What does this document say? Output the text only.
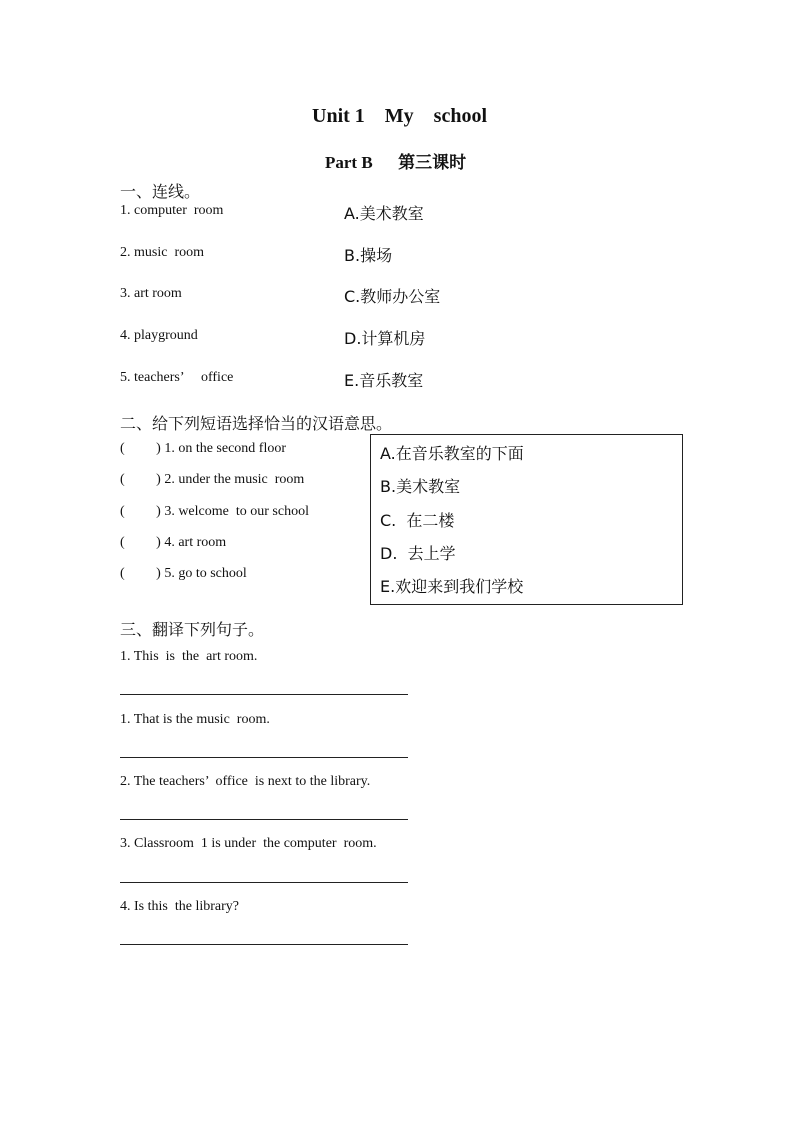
Unit 1    My    school
Part B      第三课时
一、连线。
1. computer  room
2. music  room
3. art room
4. playground
5. teachers’     office
A.美术教室
B.操场
C.教师办公室
D.计算机房
E.音乐教室
二、给下列短语选择恰当的汉语意思。
(         ) 1. on the second floor
(         ) 2. under the music  room
(         ) 3. welcome  to our school
(         ) 4. art room
(         ) 5. go to school
A.在音乐教室的下面
B.美术教室
C.  在二楼
D.  去上学
E.欢迎来到我们学校
三、翻译下列句子。
1. This  is  the  art room.
1. That is the music  room.
2. The teachers’  office  is next to the library.
3. Classroom  1 is under  the computer  room.
4. Is this  the library?
